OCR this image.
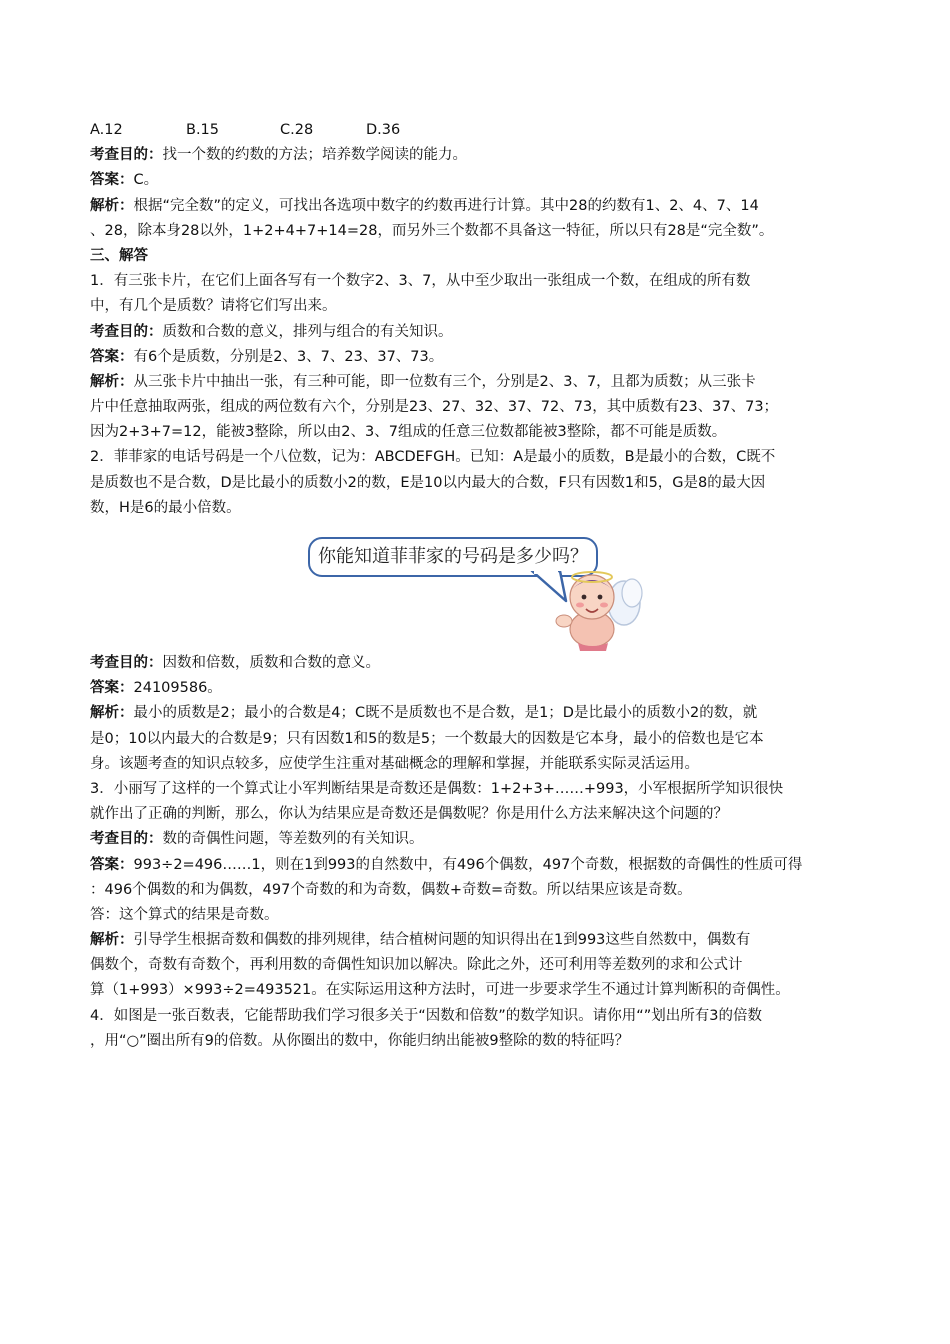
A.12	B.15	C.28	D.36
考查目的：找一个数的约数的方法；培养数学阅读的能力。
答案：C。
解析：根据“完全数”的定义，可找出各选项中数字的约数再进行计算。其中28的约数有1、2、4、7、14
、28，除本身28以外，1+2+4+7+14=28，而另外三个数都不具备这一特征，所以只有28是“完全数”。
三、解答
1．有三张卡片，在它们上面各写有一个数字2、3、7，从中至少取出一张组成一个数，在组成的所有数
中，有几个是质数？请将它们写出来。
考查目的：质数和合数的意义，排列与组合的有关知识。
答案：有6个是质数，分别是2、3、7、23、37、73。
解析：从三张卡片中抽出一张，有三种可能，即一位数有三个，分别是2、3、7，且都为质数；从三张卡
片中任意抽取两张，组成的两位数有六个，分别是23、27、32、37、72、73，其中质数有23、37、73；
因为2+3+7=12，能被3整除，所以由2、3、7组成的任意三位数都能被3整除，都不可能是质数。
2．菲菲家的电话号码是一个八位数，记为：ABCDEFGH。已知：A是最小的质数，B是最小的合数，C既不
是质数也不是合数，D是比最小的质数小2的数，E是10以内最大的合数，F只有因数1和5，G是8的最大因
数，H是6的最小倍数。
你能知道菲菲家的号码是多少吗？
考查目的：因数和倍数，质数和合数的意义。
答案：24109586。
解析：最小的质数是2；最小的合数是4；C既不是质数也不是合数，是1；D是比最小的质数小2的数，就
是0；10以内最大的合数是9；只有因数1和5的数是5；一个数最大的因数是它本身，最小的倍数也是它本
身。该题考查的知识点较多，应使学生注重对基础概念的理解和掌握，并能联系实际灵活运用。
3．小丽写了这样的一个算式让小军判断结果是奇数还是偶数：1+2+3+……+993，小军根据所学知识很快
就作出了正确的判断，那么，你认为结果应是奇数还是偶数呢？你是用什么方法来解决这个问题的？
考查目的：数的奇偶性问题，等差数列的有关知识。
答案：993÷2=496……1，则在1到993的自然数中，有496个偶数，497个奇数，根据数的奇偶性的性质可得
：496个偶数的和为偶数，497个奇数的和为奇数，偶数+奇数=奇数。所以结果应该是奇数。
答：这个算式的结果是奇数。
解析：引导学生根据奇数和偶数的排列规律，结合植树问题的知识得出在1到993这些自然数中，偶数有
偶数个，奇数有奇数个，再利用数的奇偶性知识加以解决。除此之外，还可利用等差数列的求和公式计
算（1+993）×993÷2=493521。在实际运用这种方法时，可进一步要求学生不通过计算判断积的奇偶性。
4．如图是一张百数表，它能帮助我们学习很多关于“因数和倍数”的数学知识。请你用“”划出所有3的倍数
，用“○”圈出所有9的倍数。从你圈出的数中，你能归纳出能被9整除的数的特征吗？
